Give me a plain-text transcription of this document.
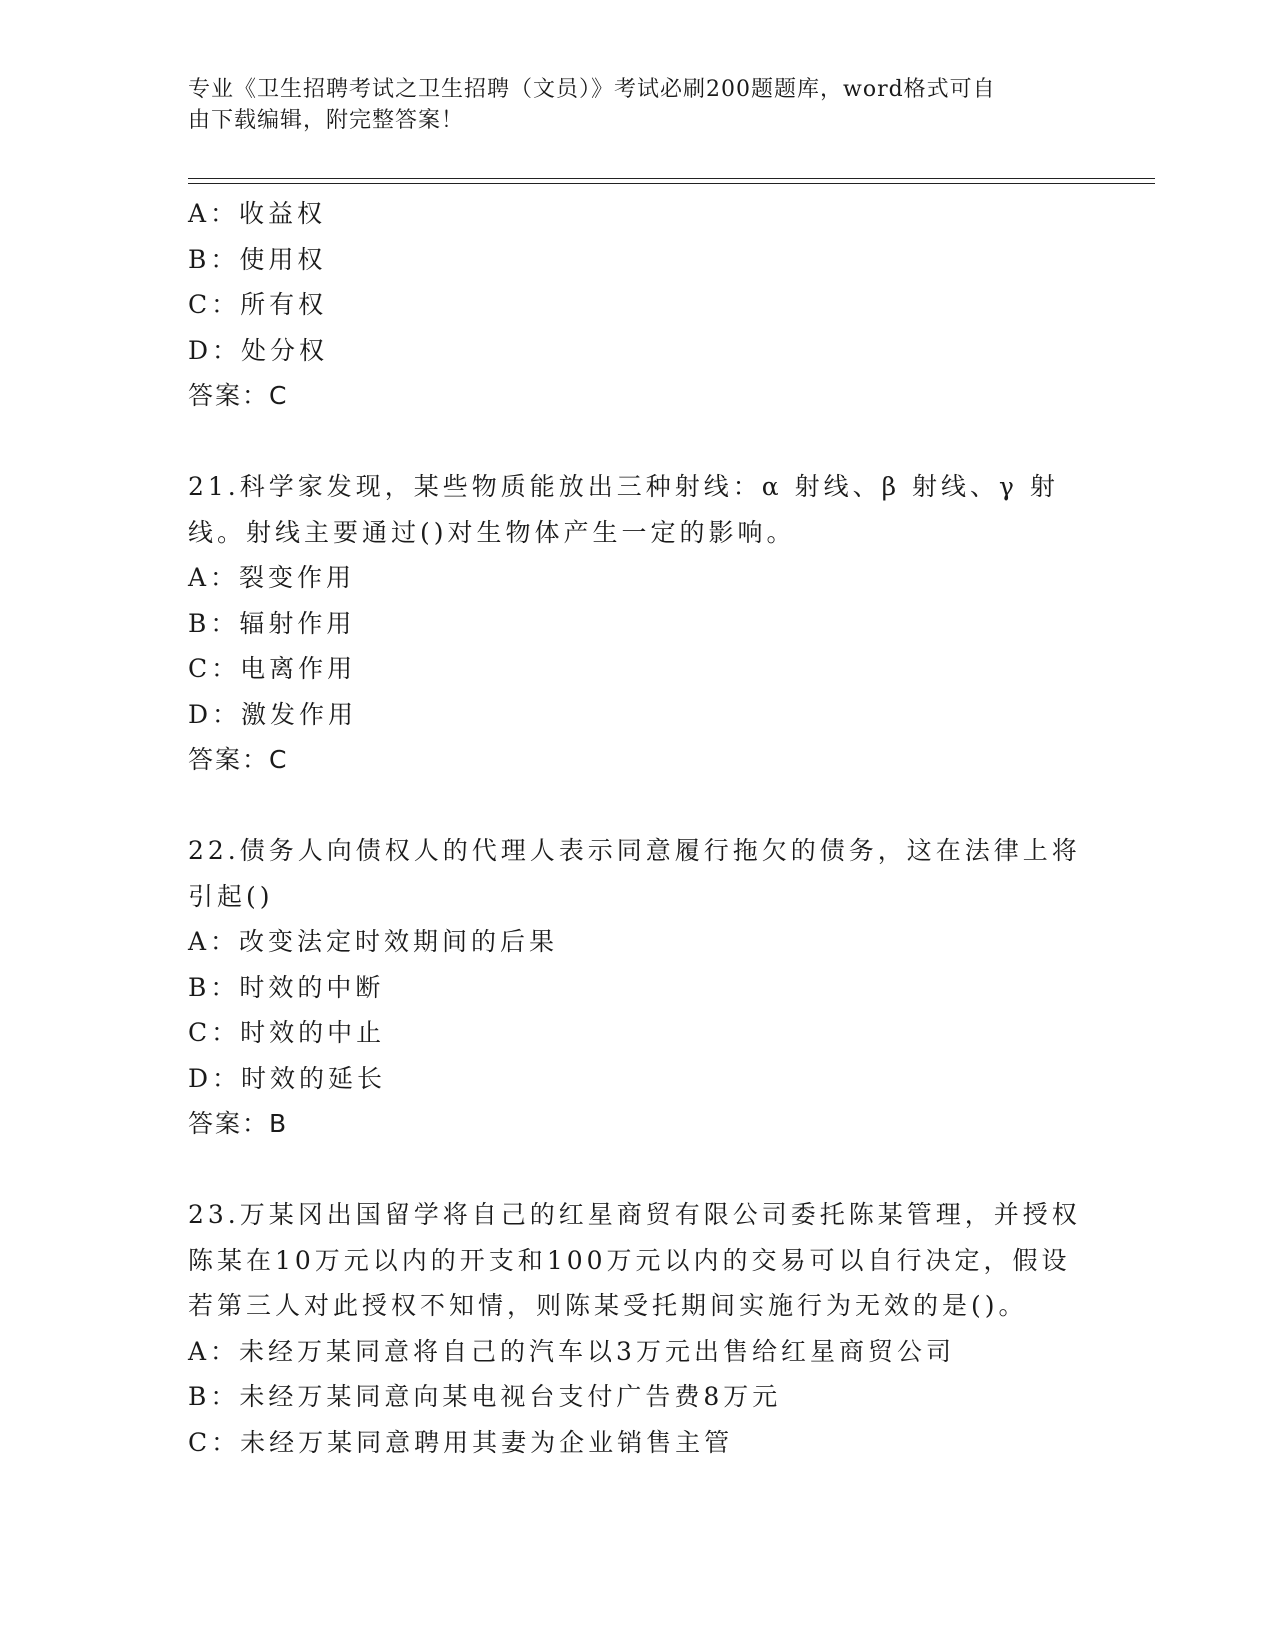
专业《卫生招聘考试之卫生招聘（文员）》考试必刷200题题库，word格式可自
由下载编辑，附完整答案！
A：收益权
B：使用权
C：所有权
D：处分权
答案：C
21.科学家发现，某些物质能放出三种射线：α 射线、β 射线、γ 射
线。射线主要通过()对生物体产生一定的影响。
A：裂变作用
B：辐射作用
C：电离作用
D：激发作用
答案：C
22.债务人向债权人的代理人表示同意履行拖欠的债务，这在法律上将
引起()
A：改变法定时效期间的后果
B：时效的中断
C：时效的中止
D：时效的延长
答案：B
23.万某冈出国留学将自己的红星商贸有限公司委托陈某管理，并授权
陈某在10万元以内的开支和100万元以内的交易可以自行决定，假设
若第三人对此授权不知情，则陈某受托期间实施行为无效的是()。
A：未经万某同意将自己的汽车以3万元出售给红星商贸公司
B：未经万某同意向某电视台支付广告费8万元
C：未经万某同意聘用其妻为企业销售主管
